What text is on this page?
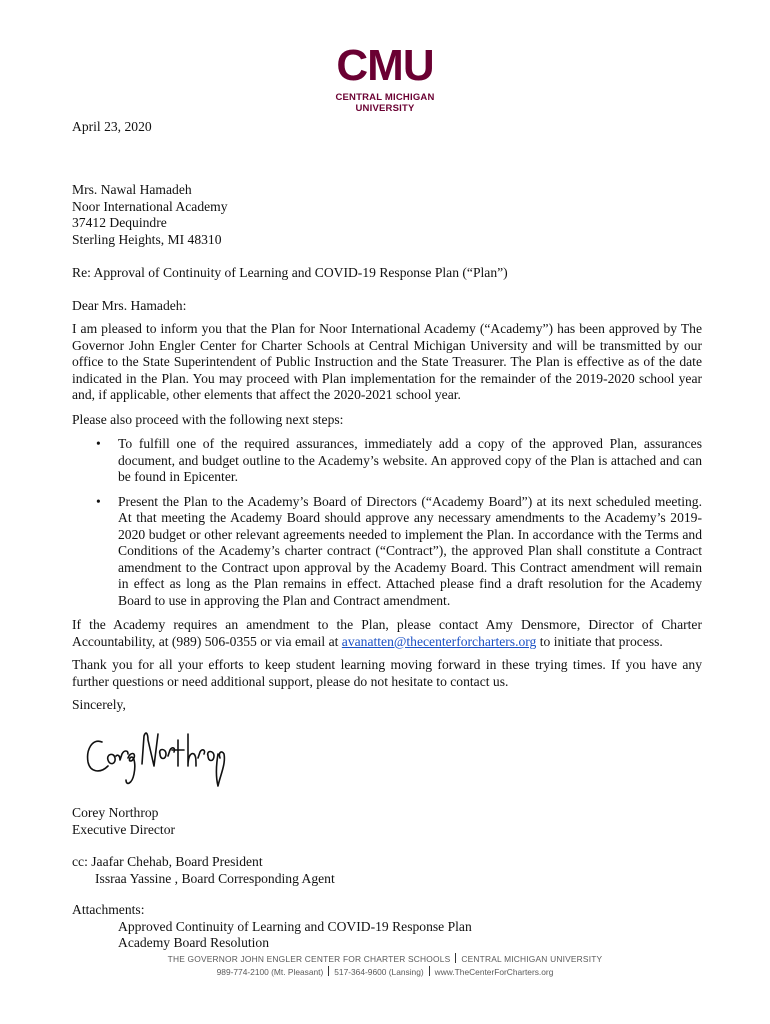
CMU
CENTRAL MICHIGAN
UNIVERSITY
April 23, 2020
Mrs. Nawal Hamadeh
Noor International Academy
37412 Dequindre
Sterling Heights, MI 48310
Re: Approval of Continuity of Learning and COVID-19 Response Plan (“Plan”)
Dear Mrs. Hamadeh:
I am pleased to inform you that the Plan for Noor International Academy (“Academy”) has been approved by The Governor John Engler Center for Charter Schools at Central Michigan University and will be transmitted by our office to the State Superintendent of Public Instruction and the State Treasurer. The Plan is effective as of the date indicated in the Plan. You may proceed with Plan implementation for the remainder of the 2019-2020 school year and, if applicable, other elements that affect the 2020-2021 school year.
Please also proceed with the following next steps:
• To fulfill one of the required assurances, immediately add a copy of the approved Plan, assurances document, and budget outline to the Academy’s website. An approved copy of the Plan is attached and can be found in Epicenter.
• Present the Plan to the Academy’s Board of Directors (“Academy Board”) at its next scheduled meeting. At that meeting the Academy Board should approve any necessary amendments to the Academy’s 2019-2020 budget or other relevant agreements needed to implement the Plan. In accordance with the Terms and Conditions of the Academy’s charter contract (“Contract”), the approved Plan shall constitute a Contract amendment to the Contract upon approval by the Academy Board. This Contract amendment will remain in effect as long as the Plan remains in effect. Attached please find a draft resolution for the Academy Board to use in approving the Plan and Contract amendment.
If the Academy requires an amendment to the Plan, please contact Amy Densmore, Director of Charter Accountability, at (989) 506-0355 or via email at avanatten@thecenterforcharters.org to initiate that process.
Thank you for all your efforts to keep student learning moving forward in these trying times. If you have any further questions or need additional support, please do not hesitate to contact us.
Sincerely,
Corey Northrop
Executive Director
cc: Jaafar Chehab, Board President
Issraa Yassine , Board Corresponding Agent
Attachments:
Approved Continuity of Learning and COVID-19 Response Plan
Academy Board Resolution
THE GOVERNOR JOHN ENGLER CENTER FOR CHARTER SCHOOLS CENTRAL MICHIGAN UNIVERSITY
989-774-2100 (Mt. Pleasant) 517-364-9600 (Lansing) www.TheCenterForCharters.org
